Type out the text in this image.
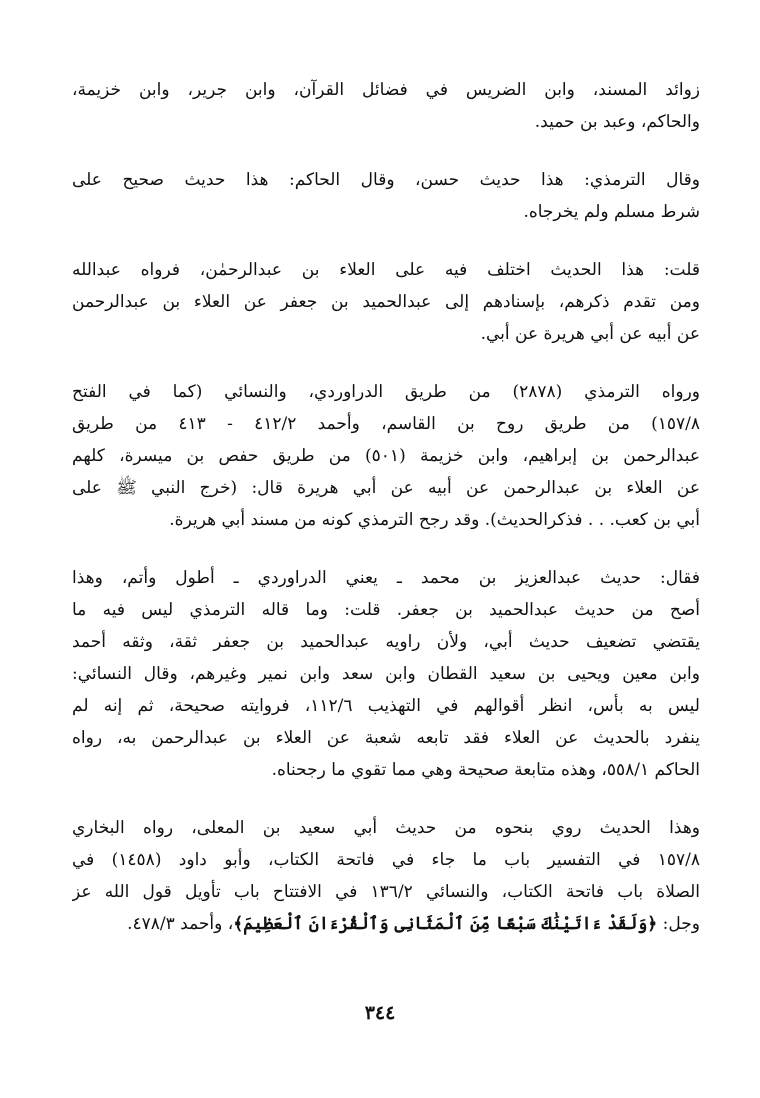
زوائد المسند، وابن الضريس في فضائل القرآن، وابن جرير، وابن خزيمة،
والحاكم، وعبد بن حميد.
وقال الترمذي: هذا حديث حسن، وقال الحاكم: هذا حديث صحيح على
شرط مسلم ولم يخرجاه.
قلت: هذا الحديث اختلف فيه على العلاء بن عبدالرحمٰن، فرواه عبدالله
ومن تقدم ذكرهم، بإسنادهم إلى عبدالحميد بن جعفر عن العلاء بن عبدالرحمن
عن أبيه عن أبي هريرة عن أبي.
ورواه الترمذي (٢٨٧٨) من طريق الدراوردي، والنسائي (كما في الفتح
١٥٧/٨) من طريق روح بن القاسم، وأحمد ٤١٢/٢ - ٤١٣ من طريق
عبدالرحمن بن إبراهيم، وابن خزيمة (٥٠١) من طريق حفص بن ميسرة، كلهم
عن العلاء بن عبدالرحمن عن أبيه عن أبي هريرة قال: (خرج النبي ﷺ على
أبي بن كعب. . . فذكرالحديث). وقد رجح الترمذي كونه من مسند أبي هريرة.
فقال: حديث عبدالعزيز بن محمد ـ يعني الدراوردي ـ أطول وأتم، وهذا
أصح من حديث عبدالحميد بن جعفر. قلت: وما قاله الترمذي ليس فيه ما
يقتضي تضعيف حديث أبي، ولأن راويه عبدالحميد بن جعفر ثقة، وثقه أحمد
وابن معين ويحيى بن سعيد القطان وابن سعد وابن نمير وغيرهم، وقال النسائي:
ليس به بأس، انظر أقوالهم في التهذيب ١١٢/٦، فروايته صحيحة، ثم إنه لم
ينفرد بالحديث عن العلاء فقد تابعه شعبة عن العلاء بن عبدالرحمن به، رواه
الحاكم ٥٥٨/١، وهذه متابعة صحيحة وهي مما تقوي ما رجحناه.
وهذا الحديث روي بنحوه من حديث أبي سعيد بن المعلى، رواه البخاري
١٥٧/٨ في التفسير باب ما جاء في فاتحة الكتاب، وأبو داود (١٤٥٨) في
الصلاة باب فاتحة الكتاب، والنسائي ١٣٦/٢ في الافتتاح باب تأويل قول الله عز
وجل: ﴿وَلَقَدْ ءَاتَيْنَٰكَ سَبْعًا مِّنَ ٱلْمَثَانِى وَٱلْقُرْءَانَ ٱلْعَظِيمَ﴾، وأحمد ٤٧٨/٣.
٣٤٤
